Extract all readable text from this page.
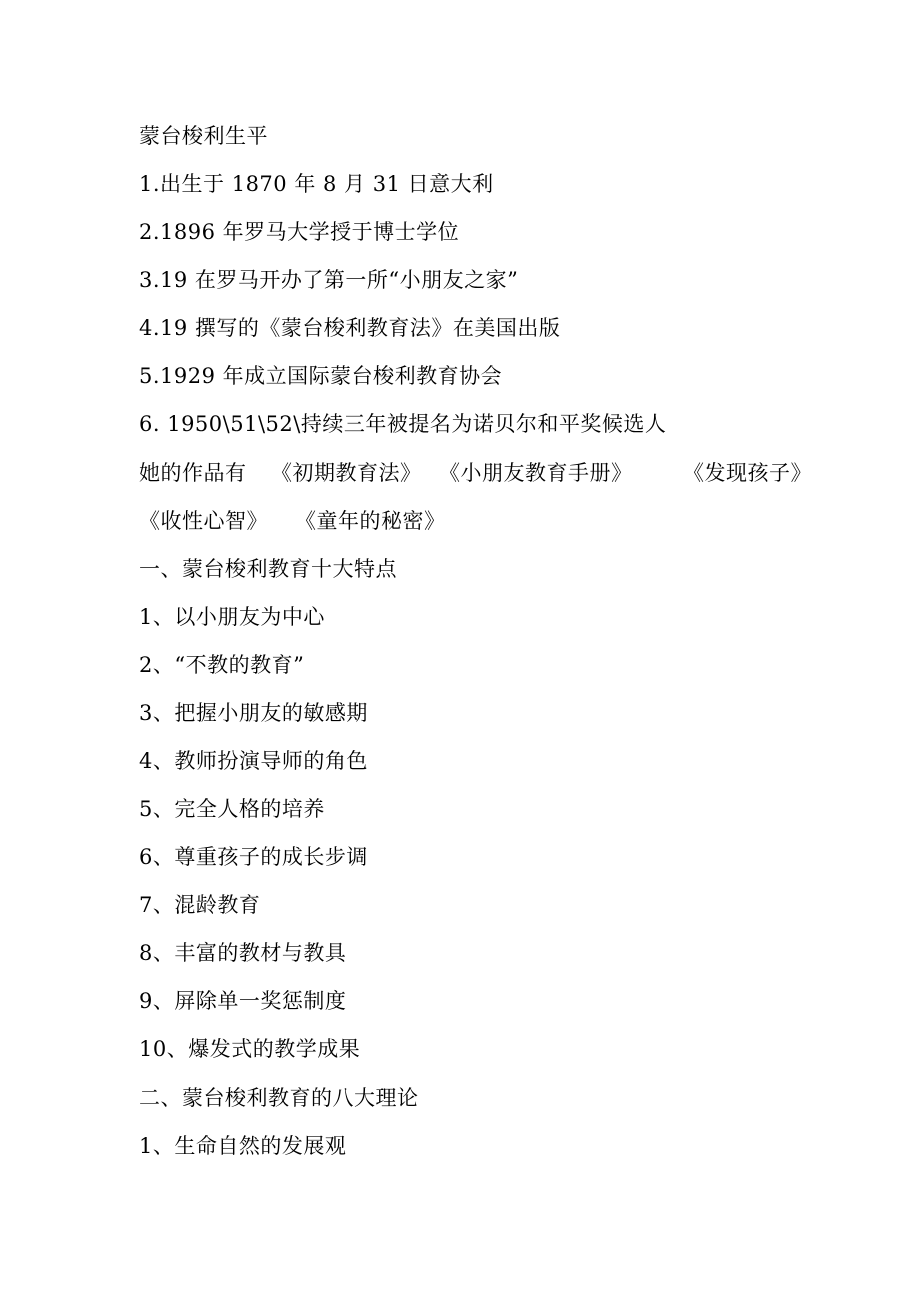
蒙台梭利生平
1.出生于 1870 年 8 月 31 日意大利
2.1896 年罗马大学授于博士学位
3.19 在罗马开办了第一所“小朋友之家”
4.19 撰写的《蒙台梭利教育法》在美国出版
5.1929 年成立国际蒙台梭利教育协会
6. 1950\51\52\持续三年被提名为诺贝尔和平奖候选人
她的作品有 《初期教育法》 《小朋友教育手册》 《发现孩子》
《收性心智》 《童年的秘密》
一、蒙台梭利教育十大特点
1、以小朋友为中心
2、“不教的教育”
3、把握小朋友的敏感期
4、教师扮演导师的角色
5、完全人格的培养
6、尊重孩子的成长步调
7、混龄教育
8、丰富的教材与教具
9、屏除单一奖惩制度
10、爆发式的教学成果
二、蒙台梭利教育的八大理论
1、生命自然的发展观
